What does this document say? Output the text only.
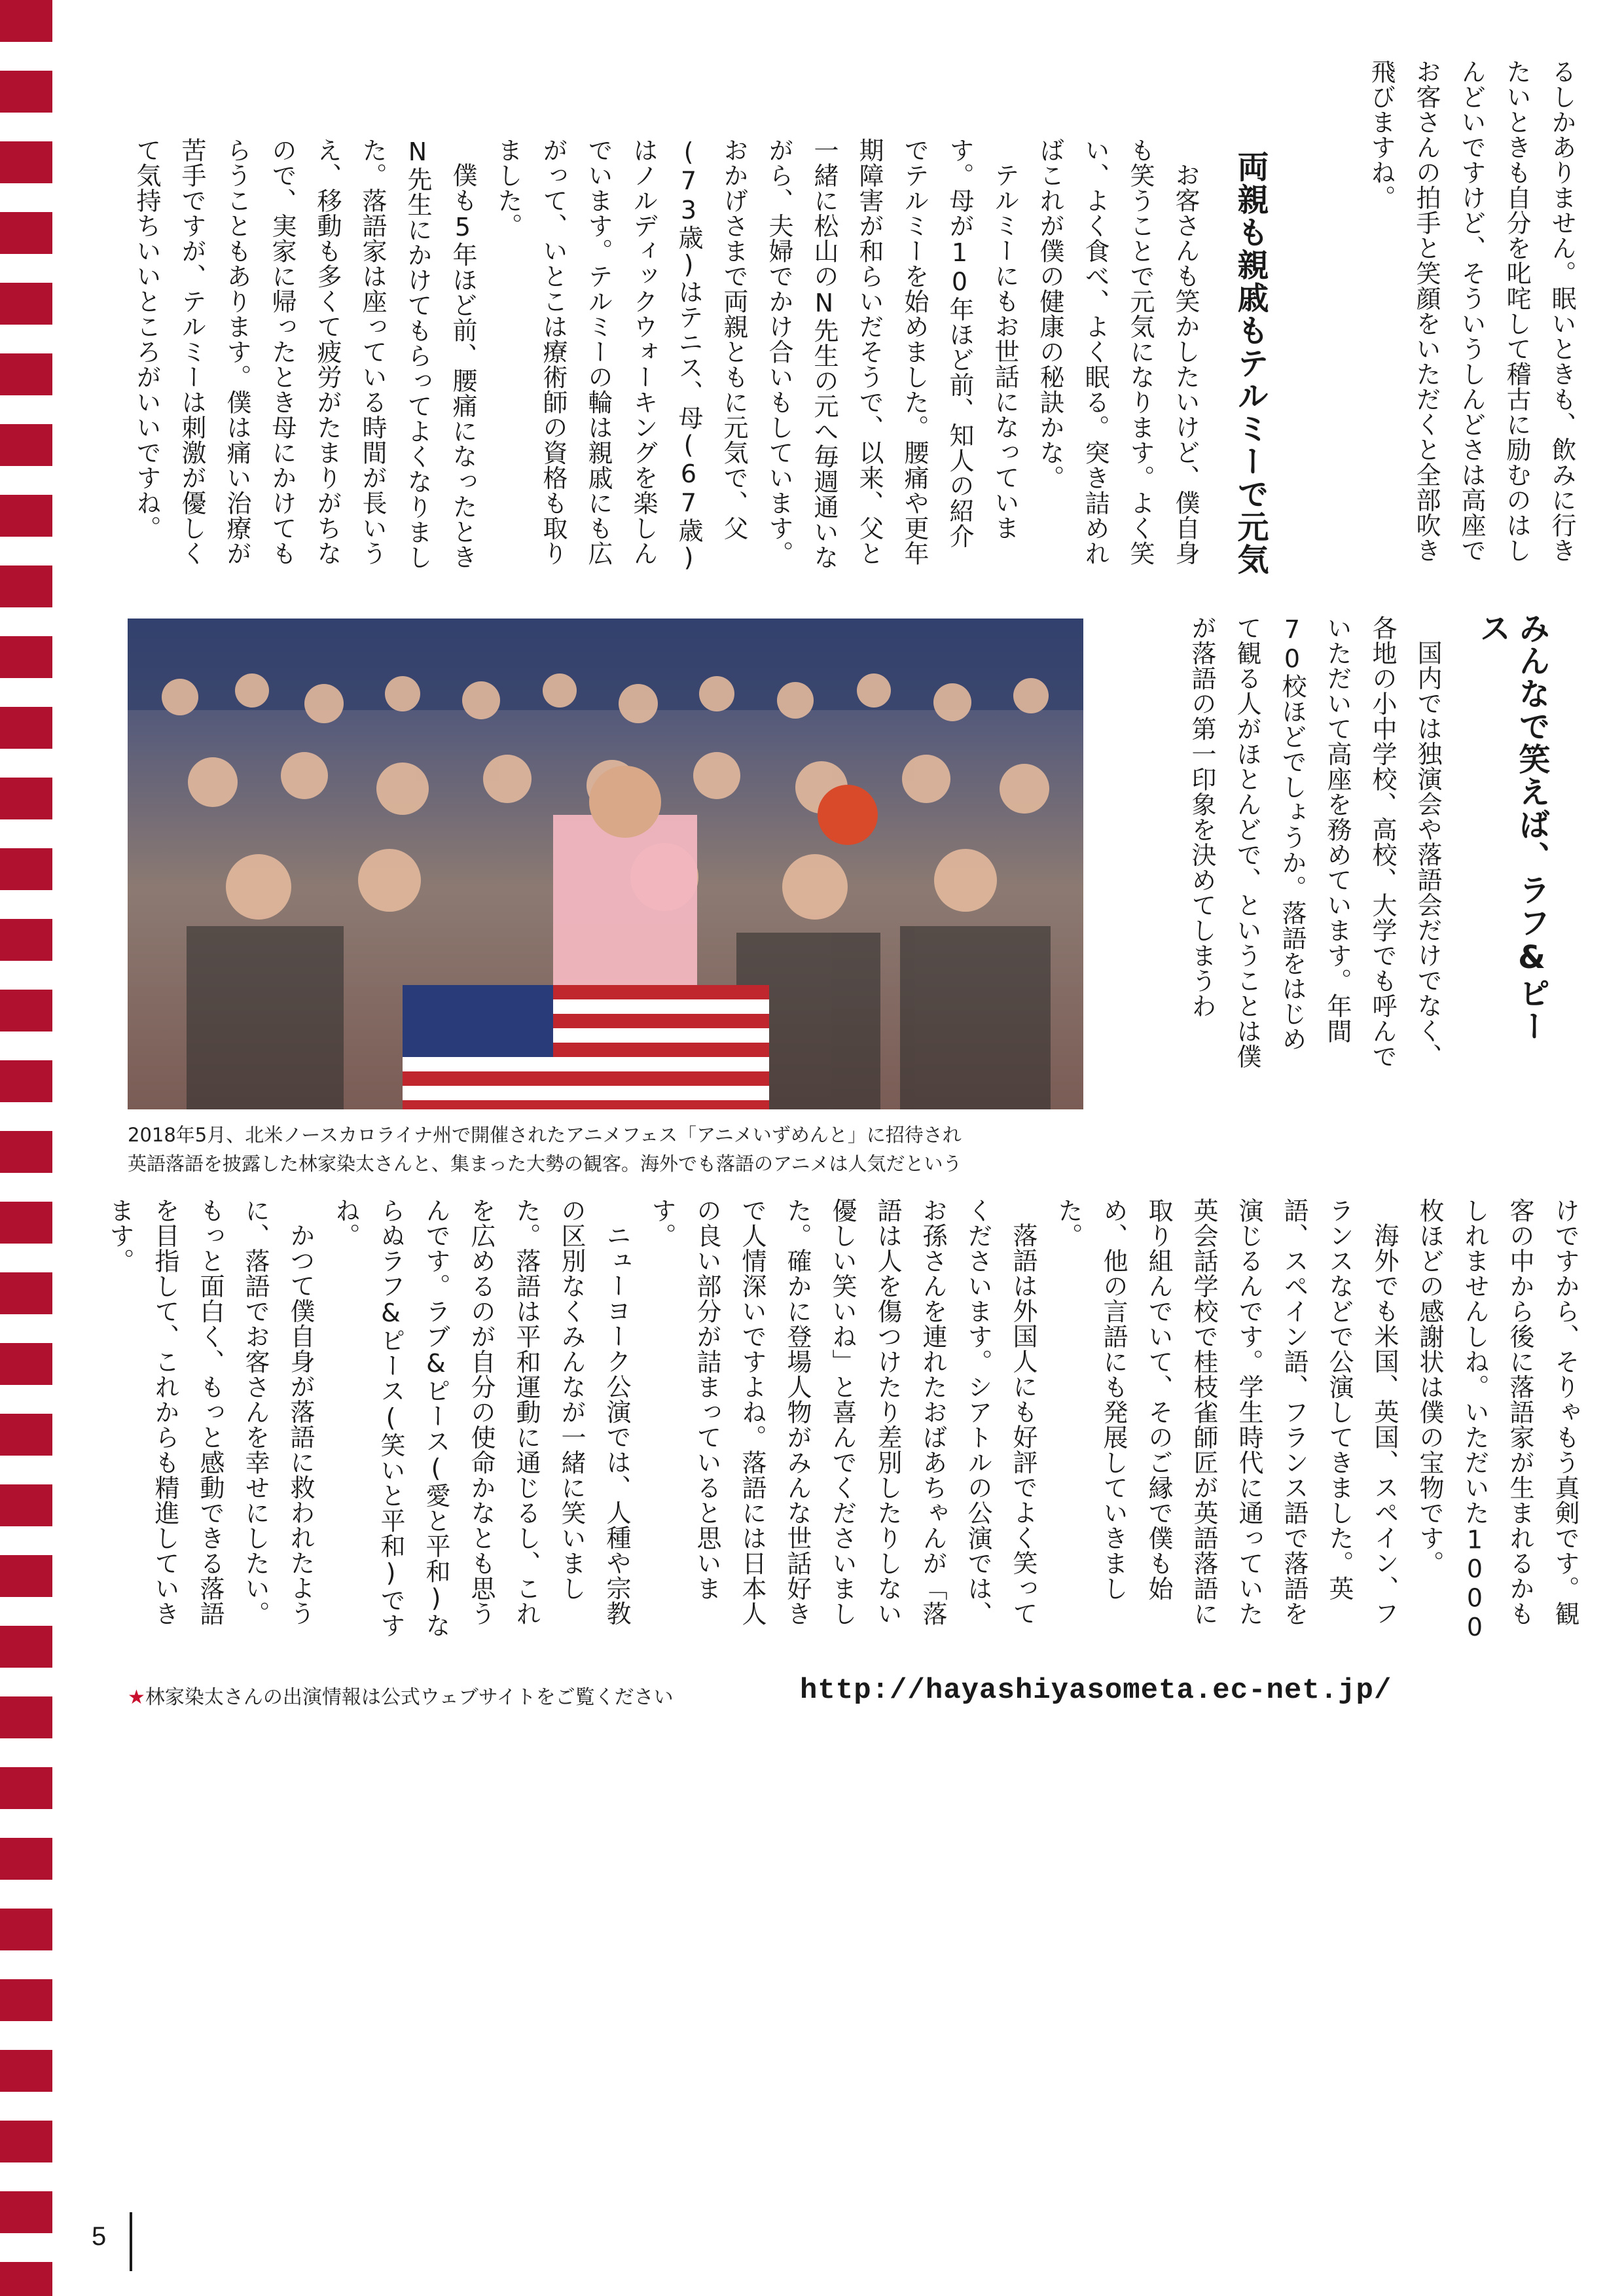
るしかありません。眠いときも、飲みに行きたいときも自分を叱咤して稽古に励むのはしんどいですけど、そういうしんどさは高座でお客さんの拍手と笑顔をいただくと全部吹き飛びますね。

両親も親戚もテルミーで元気

お客さんも笑かしたいけど、僕自身も笑うことで元気になります。よく笑い、よく食べ、よく眠る。突き詰めればこれが僕の健康の秘訣かな。

テルミーにもお世話になっています。母が10年ほど前、知人の紹介でテルミーを始めました。腰痛や更年期障害が和らいだそうで、以来、父と一緒に松山のN先生の元へ毎週通いながら、夫婦でかけ合いもしています。おかげさまで両親ともに元気で、父(73歳)はテニス、母(67歳)はノルディックウォーキングを楽しんでいます。テルミーの輪は親戚にも広がって、いとこは療術師の資格も取りました。

僕も5年ほど前、腰痛になったときN先生にかけてもらってよくなりました。落語家は座っている時間が長いうえ、移動も多くて疲労がたまりがちなので、実家に帰ったとき母にかけてもらうこともあります。僕は痛い治療が苦手ですが、テルミーは刺激が優しくて気持ちいいところがいいですね。

みんなで笑えば、ラフ&ピース

国内では独演会や落語会だけでなく、各地の小中学校、高校、大学でも呼んでいただいて高座を務めています。年間70校ほどでしょうか。落語をはじめて観る人がほとんどで、ということは僕が落語の第一印象を決めてしまうわ

2018年5月、北米ノースカロライナ州で開催されたアニメフェス「アニメいずめんと」に招待され
英語落語を披露した林家染太さんと、集まった大勢の観客。海外でも落語のアニメは人気だという

けですから、そりゃもう真剣です。観客の中から後に落語家が生まれるかもしれませんしね。いただいた1000枚ほどの感謝状は僕の宝物です。

海外でも米国、英国、スペイン、フランスなどで公演してきました。英語、スペイン語、フランス語で落語を演じるんです。学生時代に通っていた英会話学校で桂枝雀師匠が英語落語に取り組んでいて、そのご縁で僕も始め、他の言語にも発展していきました。

落語は外国人にも好評でよく笑ってくださいます。シアトルの公演では、お孫さんを連れたおばあちゃんが「落語は人を傷つけたり差別したりしない優しい笑いね」と喜んでくださいました。確かに登場人物がみんな世話好きで人情深いですよね。落語には日本人の良い部分が詰まっていると思います。

ニューヨーク公演では、人種や宗教の区別なくみんなが一緒に笑いました。落語は平和運動に通じるし、これを広めるのが自分の使命かなとも思うんです。ラブ&ピース(愛と平和)ならぬラフ&ピース(笑いと平和)ですね。

かつて僕自身が落語に救われたように、落語でお客さんを幸せにしたい。もっと面白く、もっと感動できる落語を目指して、これからも精進していきます。

★林家染太さんの出演情報は公式ウェブサイトをご覧ください	http://hayashiyasometa.ec-net.jp/
5
